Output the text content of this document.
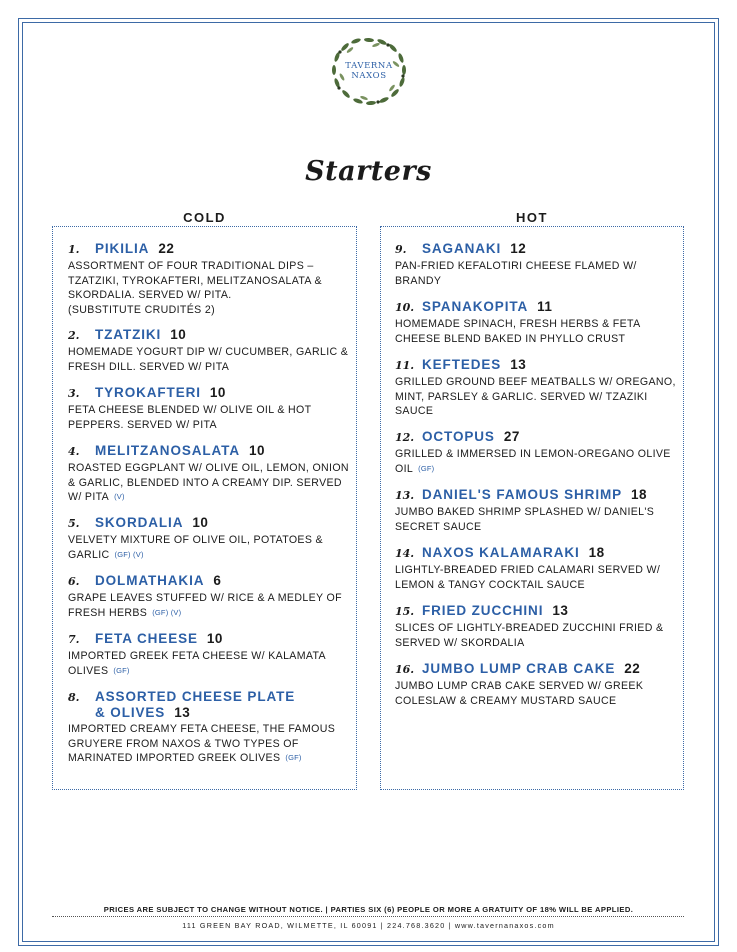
TAVERNA
NAXOS
Starters
COLD	HOT
1.	PIKILIA 22
ASSORTMENT OF FOUR TRADITIONAL DIPS – TZATZIKI, TYROKAFTERI, MELITZANOSALATA & SKORDALIA. SERVED W/ PITA.
(SUBSTITUTE CRUDITÉS 2)
2.	TZATZIKI 10
HOMEMADE YOGURT DIP W/ CUCUMBER, GARLIC & FRESH DILL. SERVED W/ PITA
3.	TYROKAFTERI 10
FETA CHEESE BLENDED W/ OLIVE OIL & HOT PEPPERS. SERVED W/ PITA
4.	MELITZANOSALATA 10
ROASTED EGGPLANT W/ OLIVE OIL, LEMON, ONION & GARLIC, BLENDED INTO A CREAMY DIP. SERVED W/ PITA (V)
5.	SKORDALIA 10
VELVETY MIXTURE OF OLIVE OIL, POTATOES & GARLIC (GF) (V)
6.	DOLMATHAKIA 6
GRAPE LEAVES STUFFED W/ RICE & A MEDLEY OF FRESH HERBS (GF) (V)
7.	FETA CHEESE 10
IMPORTED GREEK FETA CHEESE W/ KALAMATA OLIVES (GF)
8.	ASSORTED CHEESE PLATE
& OLIVES 13
IMPORTED CREAMY FETA CHEESE, THE FAMOUS GRUYERE FROM NAXOS & TWO TYPES OF MARINATED IMPORTED GREEK OLIVES (GF)
9.	SAGANAKI 12
PAN-FRIED KEFALOTIRI CHEESE FLAMED W/ BRANDY
10. SPANAKOPITA 11
HOMEMADE SPINACH, FRESH HERBS & FETA CHEESE BLEND BAKED IN PHYLLO CRUST
11. KEFTEDES 13
GRILLED GROUND BEEF MEATBALLS W/ OREGANO, MINT, PARSLEY & GARLIC. SERVED W/ TZAZIKI SAUCE
12. OCTOPUS 27
GRILLED & IMMERSED IN LEMON-OREGANO OLIVE OIL (GF)
13. DANIEL'S FAMOUS SHRIMP 18
JUMBO BAKED SHRIMP SPLASHED W/ DANIEL'S SECRET SAUCE
14. NAXOS KALAMARAKI 18
LIGHTLY-BREADED FRIED CALAMARI SERVED W/ LEMON & TANGY COCKTAIL SAUCE
15. FRIED ZUCCHINI 13
SLICES OF LIGHTLY-BREADED ZUCCHINI FRIED & SERVED W/ SKORDALIA
16. JUMBO LUMP CRAB CAKE 22
JUMBO LUMP CRAB CAKE SERVED W/ GREEK COLESLAW & CREAMY MUSTARD SAUCE
PRICES ARE SUBJECT TO CHANGE WITHOUT NOTICE. | PARTIES SIX (6) PEOPLE OR MORE A GRATUITY OF 18% WILL BE APPLIED.
111 GREEN BAY ROAD, WILMETTE, IL 60091 | 224.768.3620 | www.tavernanaxos.com
